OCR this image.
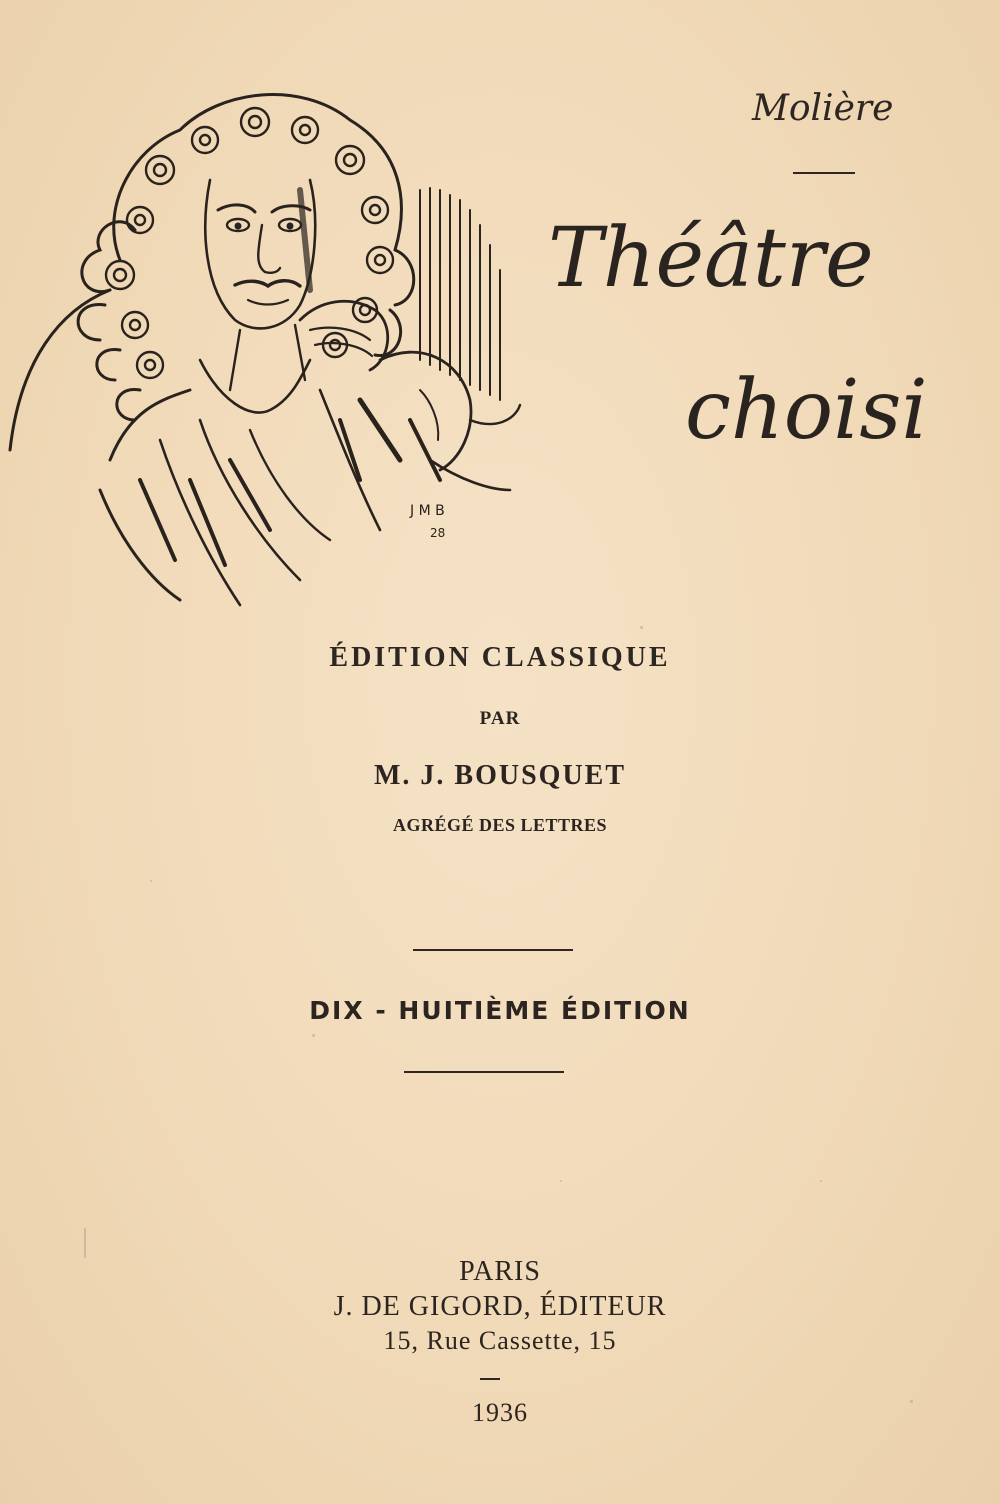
J M B
28
Molière
Théâtre
choisi
ÉDITION CLASSIQUE
PAR
M. J. BOUSQUET
AGRÉGÉ DES LETTRES
DIX - HUITIÈME ÉDITION
PARIS
J. DE GIGORD, ÉDITEUR
15, Rue Cassette, 15
1936
